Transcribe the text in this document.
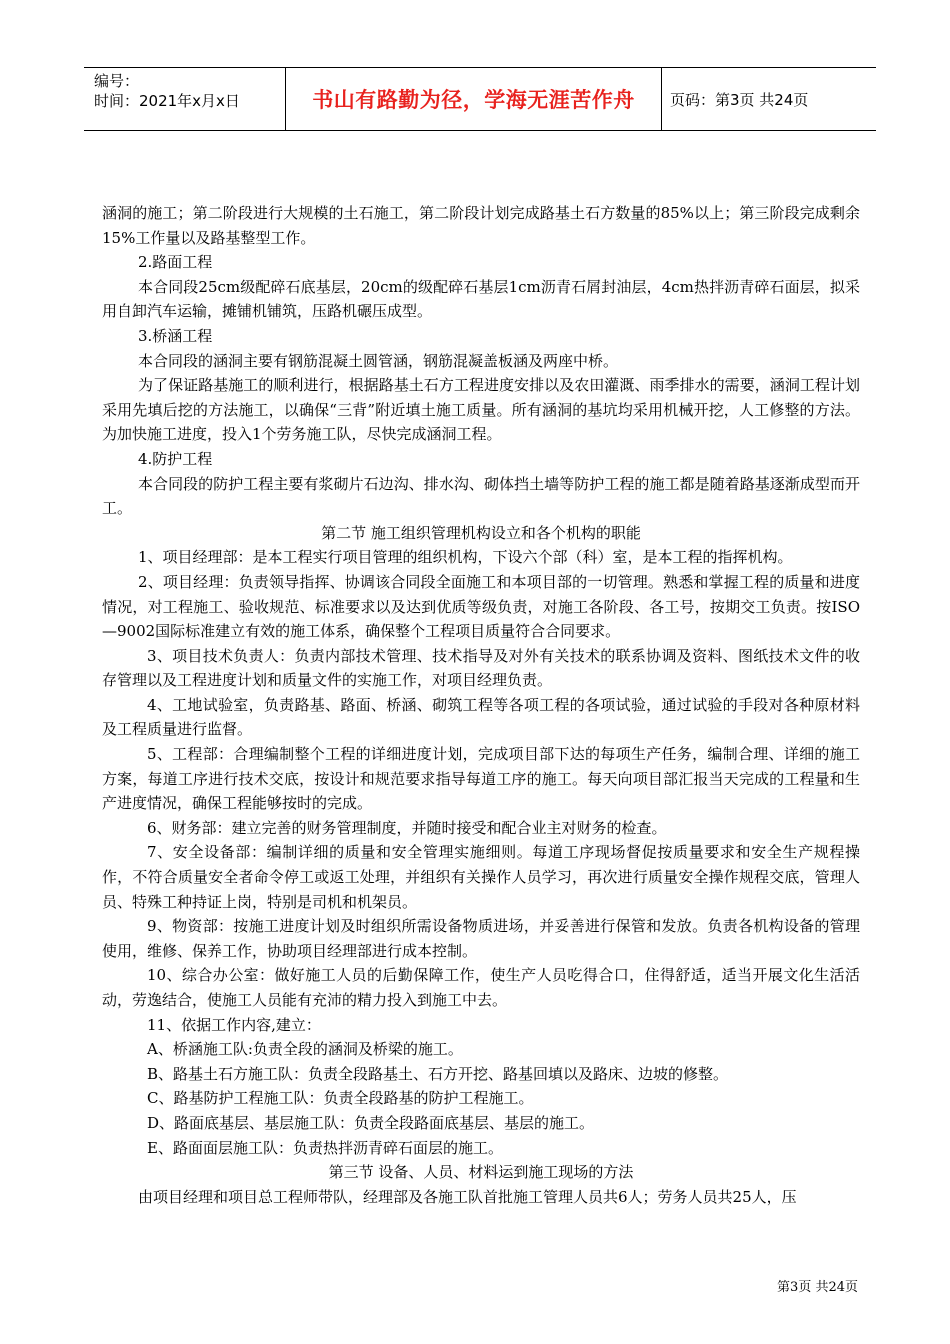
编号：
时间：2021年x月x日	书山有路勤为径，学海无涯苦作舟	页码：第3页 共24页

涵洞的施工；第二阶段进行大规模的土石施工，第二阶段计划完成路基土石方数量的85%以上；第三阶段完成剩余15%工作量以及路基整型工作。

2.路面工程

本合同段25cm级配碎石底基层，20cm的级配碎石基层1cm沥青石屑封油层，4cm热拌沥青碎石面层，拟采用自卸汽车运输，摊铺机铺筑，压路机碾压成型。

3.桥涵工程

本合同段的涵洞主要有钢筋混凝土圆管涵，钢筋混凝盖板涵及两座中桥。

为了保证路基施工的顺利进行，根据路基土石方工程进度安排以及农田灌溉、雨季排水的需要，涵洞工程计划采用先填后挖的方法施工，以确保“三背”附近填土施工质量。所有涵洞的基坑均采用机械开挖，人工修整的方法。为加快施工进度，投入1个劳务施工队，尽快完成涵洞工程。

4.防护工程

本合同段的防护工程主要有浆砌片石边沟、排水沟、砌体挡土墙等防护工程的施工都是随着路基逐渐成型而开工。

第二节 施工组织管理机构设立和各个机构的职能

1、项目经理部：是本工程实行项目管理的组织机构，下设六个部（科）室，是本工程的指挥机构。

2、项目经理：负责领导指挥、协调该合同段全面施工和本项目部的一切管理。熟悉和掌握工程的质量和进度情况，对工程施工、验收规范、标准要求以及达到优质等级负责，对施工各阶段、各工号，按期交工负责。按ISO—9002国际标准建立有效的施工体系，确保整个工程项目质量符合合同要求。

3、项目技术负责人：负责内部技术管理、技术指导及对外有关技术的联系协调及资料、图纸技术文件的收存管理以及工程进度计划和质量文件的实施工作，对项目经理负责。

4、工地试验室，负责路基、路面、桥涵、砌筑工程等各项工程的各项试验，通过试验的手段对各种原材料及工程质量进行监督。

5、工程部：合理编制整个工程的详细进度计划，完成项目部下达的每项生产任务，编制合理、详细的施工方案，每道工序进行技术交底，按设计和规范要求指导每道工序的施工。每天向项目部汇报当天完成的工程量和生产进度情况，确保工程能够按时的完成。

6、财务部：建立完善的财务管理制度，并随时接受和配合业主对财务的检查。

7、安全设备部：编制详细的质量和安全管理实施细则。每道工序现场督促按质量要求和安全生产规程操作，不符合质量安全者命令停工或返工处理，并组织有关操作人员学习，再次进行质量安全操作规程交底，管理人员、特殊工种持证上岗，特别是司机和机架员。

9、物资部：按施工进度计划及时组织所需设备物质进场，并妥善进行保管和发放。负责各机构设备的管理使用，维修、保养工作，协助项目经理部进行成本控制。

10、综合办公室：做好施工人员的后勤保障工作，使生产人员吃得合口，住得舒适，适当开展文化生活活动，劳逸结合，使施工人员能有充沛的精力投入到施工中去。

11、依据工作内容,建立：

A、桥涵施工队:负责全段的涵洞及桥梁的施工。

B、路基土石方施工队：负责全段路基土、石方开挖、路基回填以及路床、边坡的修整。

C、路基防护工程施工队：负责全段路基的防护工程施工。

D、路面底基层、基层施工队：负责全段路面底基层、基层的施工。

E、路面面层施工队：负责热拌沥青碎石面层的施工。

第三节 设备、人员、材料运到施工现场的方法

由项目经理和项目总工程师带队，经理部及各施工队首批施工管理人员共6人；劳务人员共25人，压

第3页 共24页
